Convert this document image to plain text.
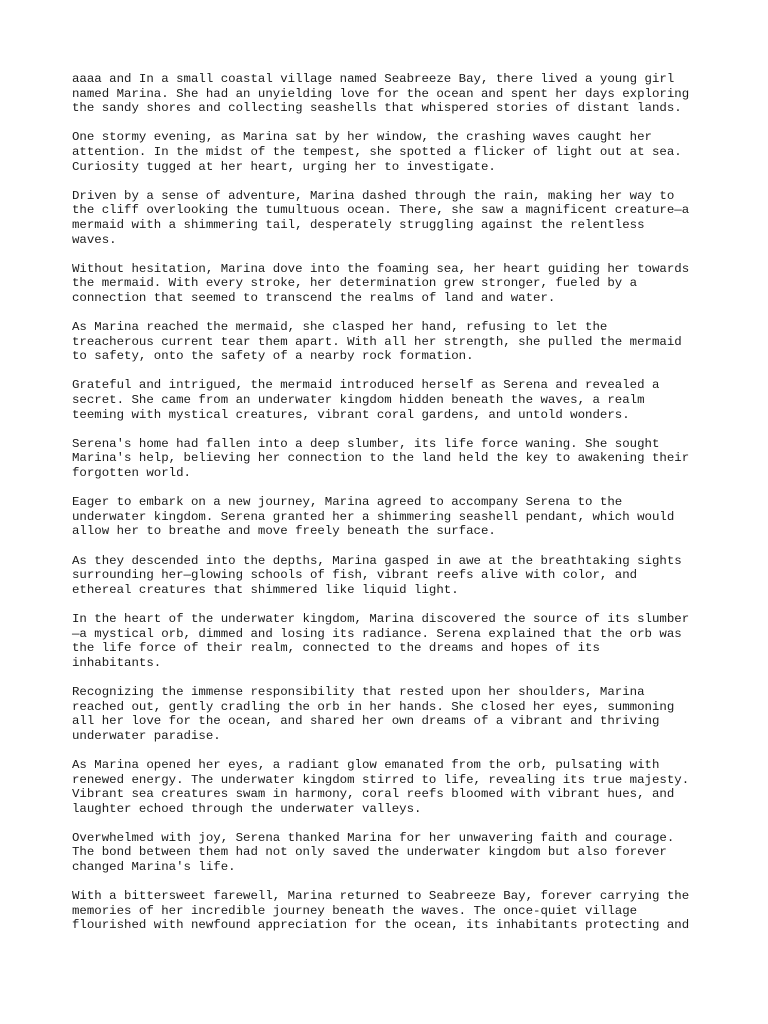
aaaa and In a small coastal village named Seabreeze Bay, there lived a young girl
named Marina. She had an unyielding love for the ocean and spent her days exploring
the sandy shores and collecting seashells that whispered stories of distant lands.
One stormy evening, as Marina sat by her window, the crashing waves caught her
attention. In the midst of the tempest, she spotted a flicker of light out at sea.
Curiosity tugged at her heart, urging her to investigate.
Driven by a sense of adventure, Marina dashed through the rain, making her way to
the cliff overlooking the tumultuous ocean. There, she saw a magnificent creature—a
mermaid with a shimmering tail, desperately struggling against the relentless
waves.
Without hesitation, Marina dove into the foaming sea, her heart guiding her towards
the mermaid. With every stroke, her determination grew stronger, fueled by a
connection that seemed to transcend the realms of land and water.
As Marina reached the mermaid, she clasped her hand, refusing to let the
treacherous current tear them apart. With all her strength, she pulled the mermaid
to safety, onto the safety of a nearby rock formation.
Grateful and intrigued, the mermaid introduced herself as Serena and revealed a
secret. She came from an underwater kingdom hidden beneath the waves, a realm
teeming with mystical creatures, vibrant coral gardens, and untold wonders.
Serena's home had fallen into a deep slumber, its life force waning. She sought
Marina's help, believing her connection to the land held the key to awakening their
forgotten world.
Eager to embark on a new journey, Marina agreed to accompany Serena to the
underwater kingdom. Serena granted her a shimmering seashell pendant, which would
allow her to breathe and move freely beneath the surface.
As they descended into the depths, Marina gasped in awe at the breathtaking sights
surrounding her—glowing schools of fish, vibrant reefs alive with color, and
ethereal creatures that shimmered like liquid light.
In the heart of the underwater kingdom, Marina discovered the source of its slumber
—a mystical orb, dimmed and losing its radiance. Serena explained that the orb was
the life force of their realm, connected to the dreams and hopes of its
inhabitants.
Recognizing the immense responsibility that rested upon her shoulders, Marina
reached out, gently cradling the orb in her hands. She closed her eyes, summoning
all her love for the ocean, and shared her own dreams of a vibrant and thriving
underwater paradise.
As Marina opened her eyes, a radiant glow emanated from the orb, pulsating with
renewed energy. The underwater kingdom stirred to life, revealing its true majesty.
Vibrant sea creatures swam in harmony, coral reefs bloomed with vibrant hues, and
laughter echoed through the underwater valleys.
Overwhelmed with joy, Serena thanked Marina for her unwavering faith and courage.
The bond between them had not only saved the underwater kingdom but also forever
changed Marina's life.
With a bittersweet farewell, Marina returned to Seabreeze Bay, forever carrying the
memories of her incredible journey beneath the waves. The once-quiet village
flourished with newfound appreciation for the ocean, its inhabitants protecting and
